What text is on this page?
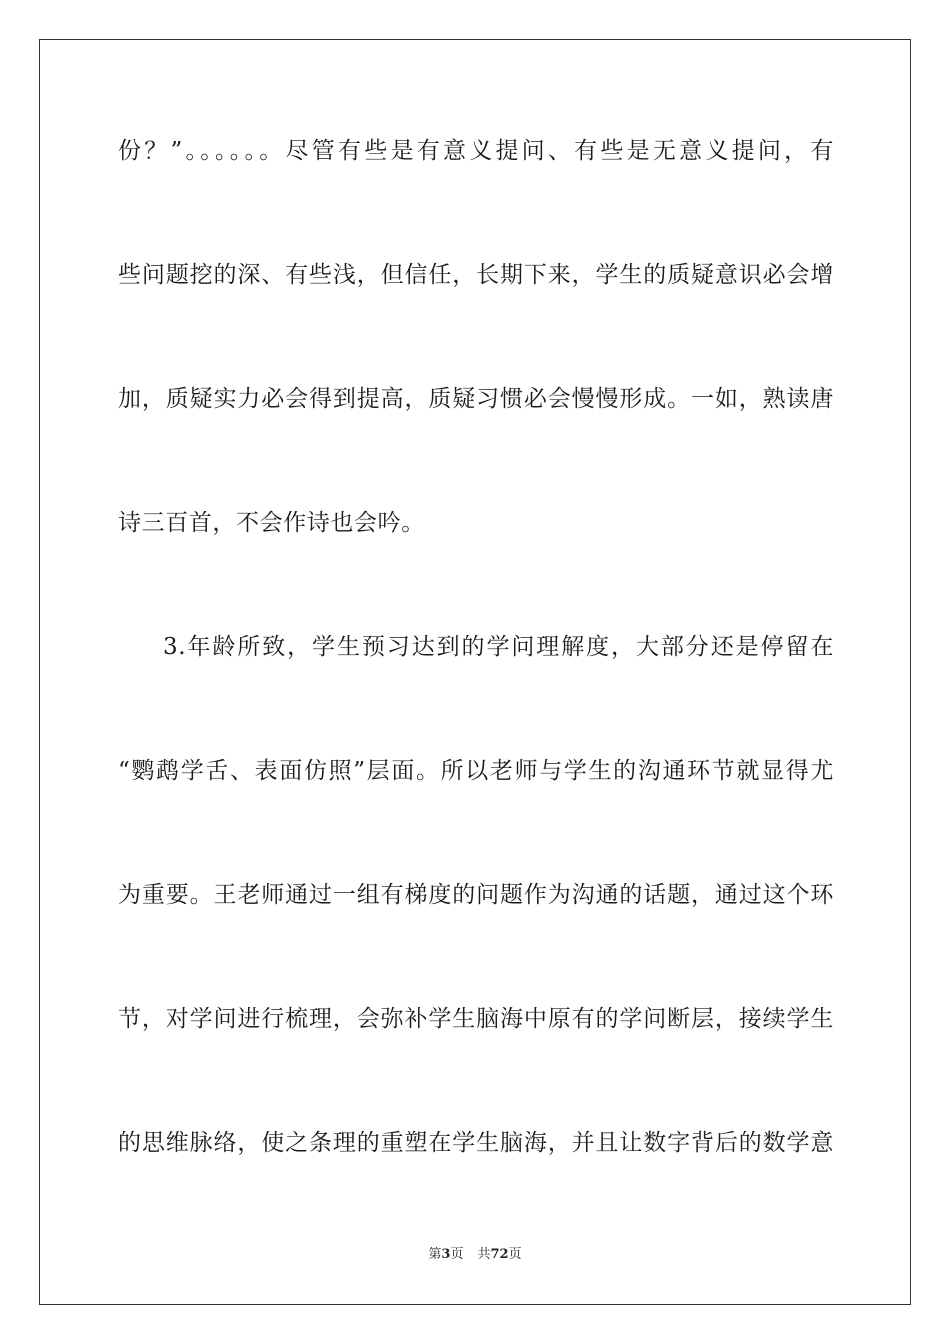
份？”。。。。。。尽管有些是有意义提问、有些是无意义提问，有
些问题挖的深、有些浅，但信任，长期下来，学生的质疑意识必会增
加，质疑实力必会得到提高，质疑习惯必会慢慢形成。一如，熟读唐
诗三百首，不会作诗也会吟。
3.年龄所致，学生预习达到的学问理解度，大部分还是停留在
“鹦鹉学舌、表面仿照”层面。所以老师与学生的沟通环节就显得尤
为重要。王老师通过一组有梯度的问题作为沟通的话题，通过这个环
节，对学问进行梳理，会弥补学生脑海中原有的学问断层，接续学生
的思维脉络，使之条理的重塑在学生脑海，并且让数字背后的数学意
第3页 共72页
